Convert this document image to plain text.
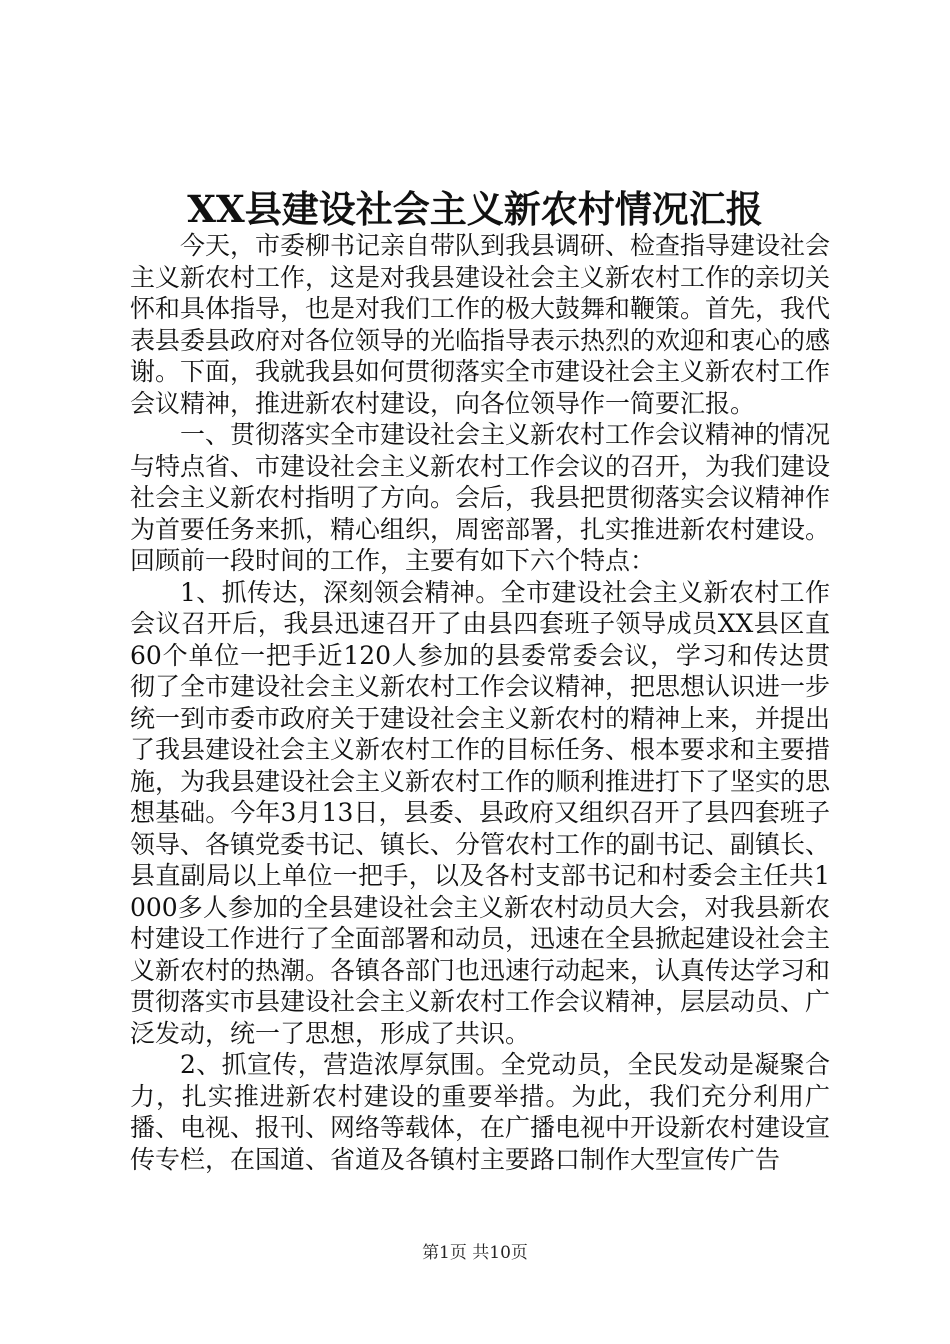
XX县建设社会主义新农村情况汇报

今天，市委柳书记亲自带队到我县调研、检查指导建设社会主义新农村工作，这是对我县建设社会主义新农村工作的亲切关怀和具体指导，也是对我们工作的极大鼓舞和鞭策。首先，我代表县委县政府对各位领导的光临指导表示热烈的欢迎和衷心的感谢。下面，我就我县如何贯彻落实全市建设社会主义新农村工作会议精神，推进新农村建设，向各位领导作一简要汇报。

一、贯彻落实全市建设社会主义新农村工作会议精神的情况与特点省、市建设社会主义新农村工作会议的召开，为我们建设社会主义新农村指明了方向。会后，我县把贯彻落实会议精神作为首要任务来抓，精心组织，周密部署，扎实推进新农村建设。回顾前一段时间的工作，主要有如下六个特点：

1、抓传达，深刻领会精神。全市建设社会主义新农村工作会议召开后，我县迅速召开了由县四套班子领导成员XX县区直60个单位一把手近120人参加的县委常委会议，学习和传达贯彻了全市建设社会主义新农村工作会议精神，把思想认识进一步统一到市委市政府关于建设社会主义新农村的精神上来，并提出了我县建设社会主义新农村工作的目标任务、根本要求和主要措施，为我县建设社会主义新农村工作的顺利推进打下了坚实的思想基础。今年3月13日，县委、县政府又组织召开了县四套班子领导、各镇党委书记、镇长、分管农村工作的副书记、副镇长、县直副局以上单位一把手，以及各村支部书记和村委会主任共1000多人参加的全县建设社会主义新农村动员大会，对我县新农村建设工作进行了全面部署和动员，迅速在全县掀起建设社会主义新农村的热潮。各镇各部门也迅速行动起来，认真传达学习和贯彻落实市县建设社会主义新农村工作会议精神，层层动员、广泛发动，统一了思想，形成了共识。

2、抓宣传，营造浓厚氛围。全党动员，全民发动是凝聚合力，扎实推进新农村建设的重要举措。为此，我们充分利用广播、电视、报刊、网络等载体，在广播电视中开设新农村建设宣传专栏，在国道、省道及各镇村主要路口制作大型宣传广告

第1页 共10页
